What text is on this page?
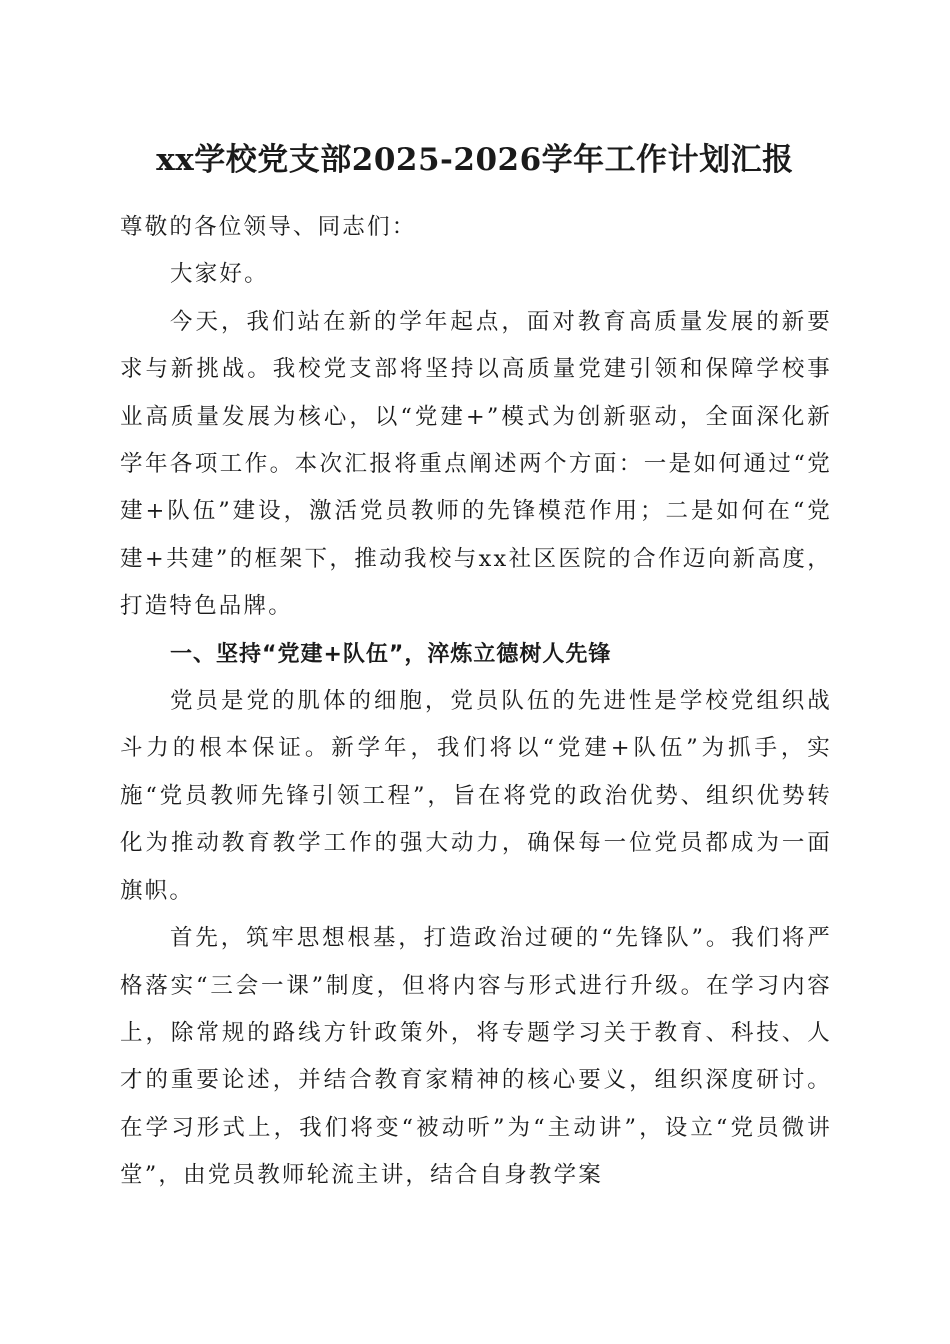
xx学校党支部2025-2026学年工作计划汇报

尊敬的各位领导、同志们：

大家好。

今天，我们站在新的学年起点，面对教育高质量发展的新要求与新挑战。我校党支部将坚持以高质量党建引领和保障学校事业高质量发展为核心，以“党建+”模式为创新驱动，全面深化新学年各项工作。本次汇报将重点阐述两个方面：一是如何通过“党建+队伍”建设，激活党员教师的先锋模范作用；二是如何在“党建+共建”的框架下，推动我校与xx社区医院的合作迈向新高度，打造特色品牌。

一、坚持“党建+队伍”，淬炼立德树人先锋

党员是党的肌体的细胞，党员队伍的先进性是学校党组织战斗力的根本保证。新学年，我们将以“党建+队伍”为抓手，实施“党员教师先锋引领工程”，旨在将党的政治优势、组织优势转化为推动教育教学工作的强大动力，确保每一位党员都成为一面旗帜。

首先，筑牢思想根基，打造政治过硬的“先锋队”。我们将严格落实“三会一课”制度，但将内容与形式进行升级。在学习内容上，除常规的路线方针政策外，将专题学习关于教育、科技、人才的重要论述，并结合教育家精神的核心要义，组织深度研讨。在学习形式上，我们将变“被动听”为“主动讲”，设立“党员微讲堂”，由党员教师轮流主讲，结合自身教学案
